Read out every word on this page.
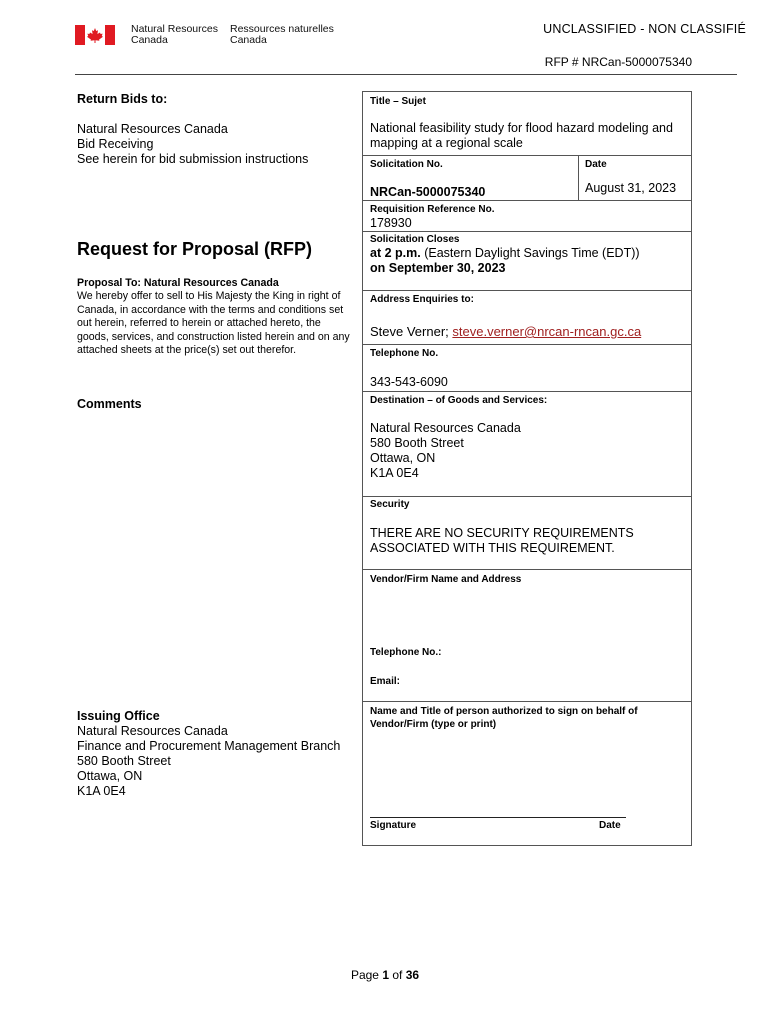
Natural Resources
Canada
Ressources naturelles
Canada
UNCLASSIFIED - NON CLASSIFIÉ
RFP # NRCan-5000075340
Return Bids to:
Natural Resources Canada
Bid Receiving
See herein for bid submission instructions
Request for Proposal (RFP)
Proposal To: Natural Resources Canada
We hereby offer to sell to His Majesty the King in right of Canada, in accordance with the terms and conditions set out herein, referred to herein or attached hereto, the goods, services, and construction listed herein and on any attached sheets at the price(s) set out therefor.
Comments
Issuing Office
Natural Resources Canada
Finance and Procurement Management Branch
580 Booth Street
Ottawa, ON
K1A 0E4
Title – Sujet
National feasibility study for flood hazard modeling and mapping at a regional scale
Solicitation No.
NRCan-5000075340
Date
August 31, 2023
Requisition Reference No.
178930
Solicitation Closes
at 2 p.m. (Eastern Daylight Savings Time (EDT))
on September 30, 2023
Address Enquiries to:
Steve Verner; steve.verner@nrcan-rncan.gc.ca
Telephone No.
343-543-6090
Destination – of Goods and Services:
Natural Resources Canada
580 Booth Street
Ottawa, ON
K1A 0E4
Security
THERE ARE NO SECURITY REQUIREMENTS ASSOCIATED WITH THIS REQUIREMENT.
Vendor/Firm Name and Address
Telephone No.:
Email:
Name and Title of person authorized to sign on behalf of Vendor/Firm (type or print)
Signature	Date
Page 1 of 36
